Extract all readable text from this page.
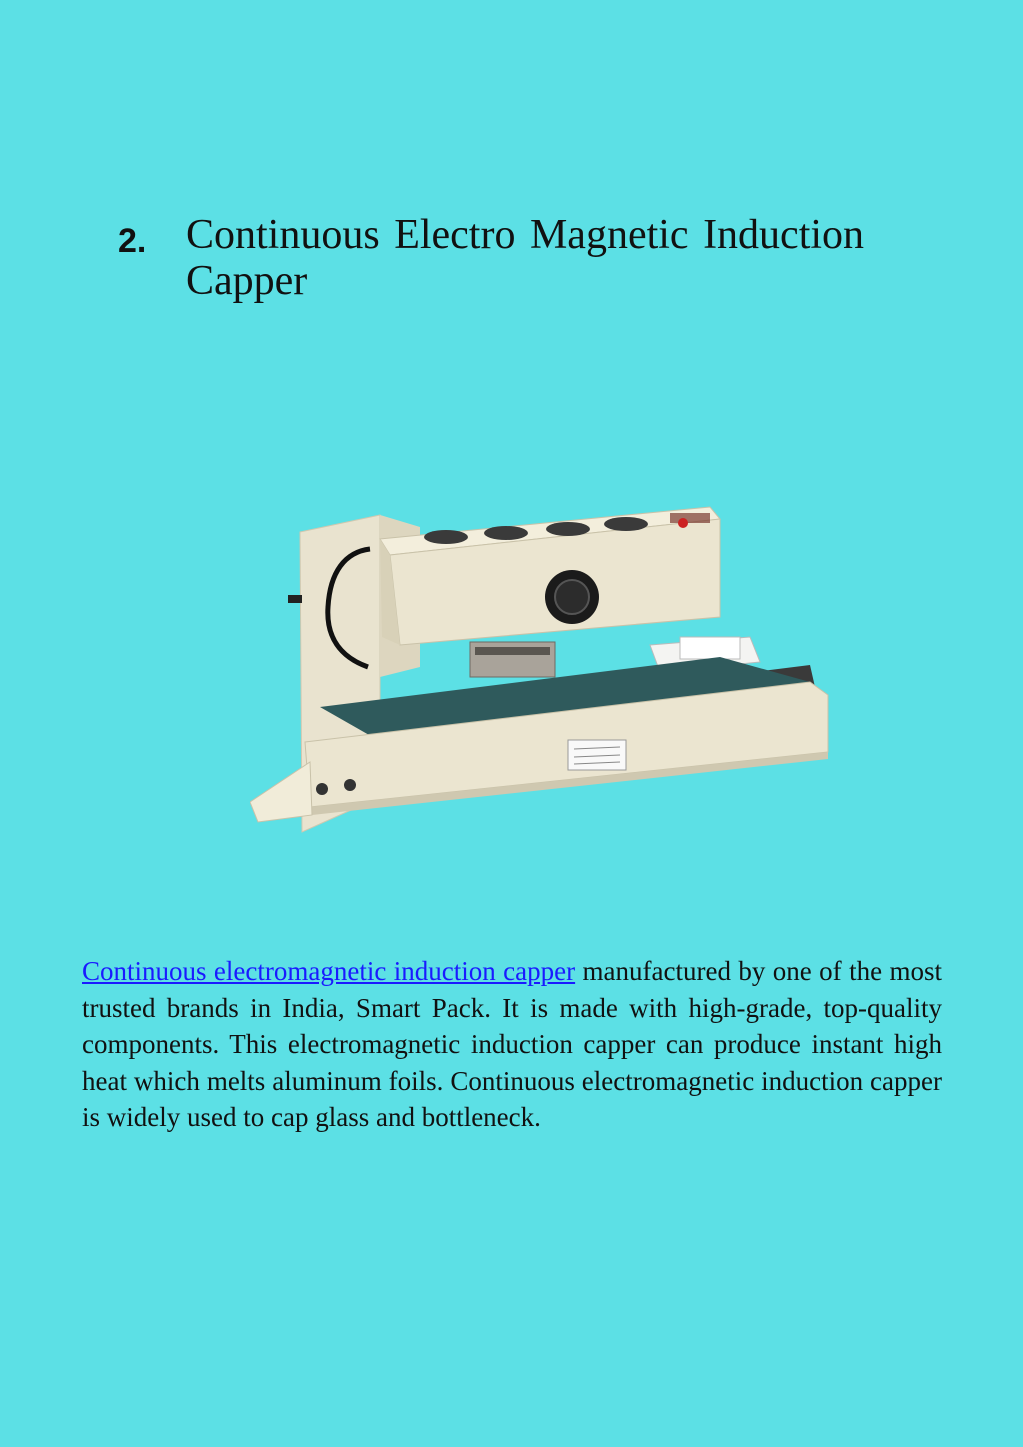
2. Continuous Electro Magnetic Induction Capper

Continuous electromagnetic induction capper manufactured by one of the most trusted brands in India, Smart Pack. It is made with high-grade, top-quality components. This electromagnetic induction capper can produce instant high heat which melts aluminum foils. Continuous electromagnetic induction capper is widely used to cap glass and bottleneck.
